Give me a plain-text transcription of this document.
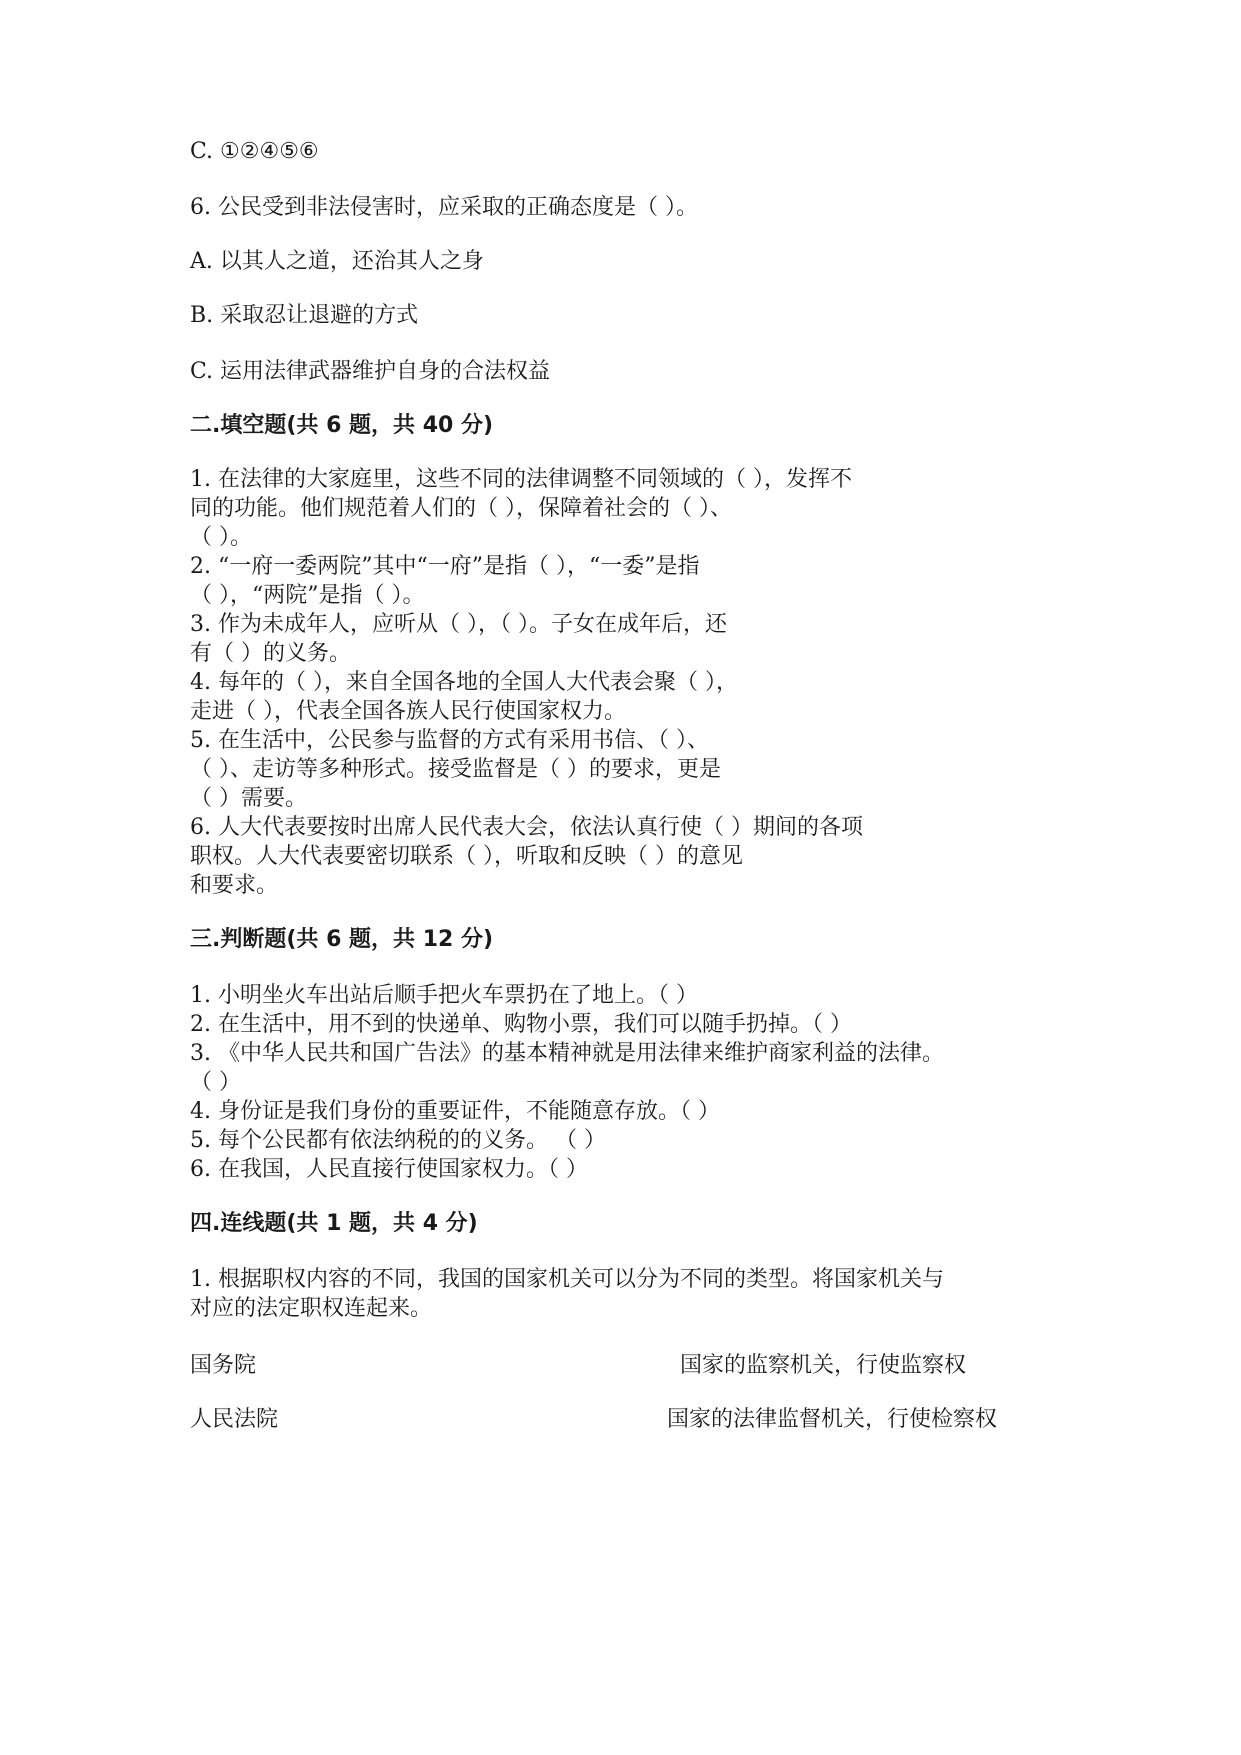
C. ①②④⑤⑥
6. 公民受到非法侵害时，应采取的正确态度是（ ）。
A. 以其人之道，还治其人之身
B. 采取忍让退避的方式
C. 运用法律武器维护自身的合法权益
二.填空题(共 6 题，共 40 分)
1. 在法律的大家庭里，这些不同的法律调整不同领域的（ ），发挥不
同的功能。他们规范着人们的（ ），保障着社会的（ ）、
（ ）。
2. “一府一委两院”其中“一府”是指（ ），“一委”是指
（ ），“两院”是指（ ）。
3. 作为未成年人，应听从（ ），（ ）。子女在成年后，还
有（ ）的义务。
4. 每年的（ ），来自全国各地的全国人大代表会聚（ ），
走进（ ），代表全国各族人民行使国家权力。
5. 在生活中，公民参与监督的方式有采用书信、（ ）、
（ ）、走访等多种形式。接受监督是（ ）的要求，更是
（ ）需要。
6. 人大代表要按时出席人民代表大会，依法认真行使（ ）期间的各项
职权。人大代表要密切联系（ ），听取和反映（ ）的意见
和要求。
三.判断题(共 6 题，共 12 分)
1. 小明坐火车出站后顺手把火车票扔在了地上。（ ）
2. 在生活中，用不到的快递单、购物小票，我们可以随手扔掉。（ ）
3. 《中华人民共和国广告法》的基本精神就是用法律来维护商家利益的法律。
（ ）
4. 身份证是我们身份的重要证件，不能随意存放。（ ）
5. 每个公民都有依法纳税的的义务。 （ ）
6. 在我国，人民直接行使国家权力。（ ）
四.连线题(共 1 题，共 4 分)
1. 根据职权内容的不同，我国的国家机关可以分为不同的类型。将国家机关与
对应的法定职权连起来。
国务院	国家的监察机关，行使监察权
人民法院	国家的法律监督机关，行使检察权
